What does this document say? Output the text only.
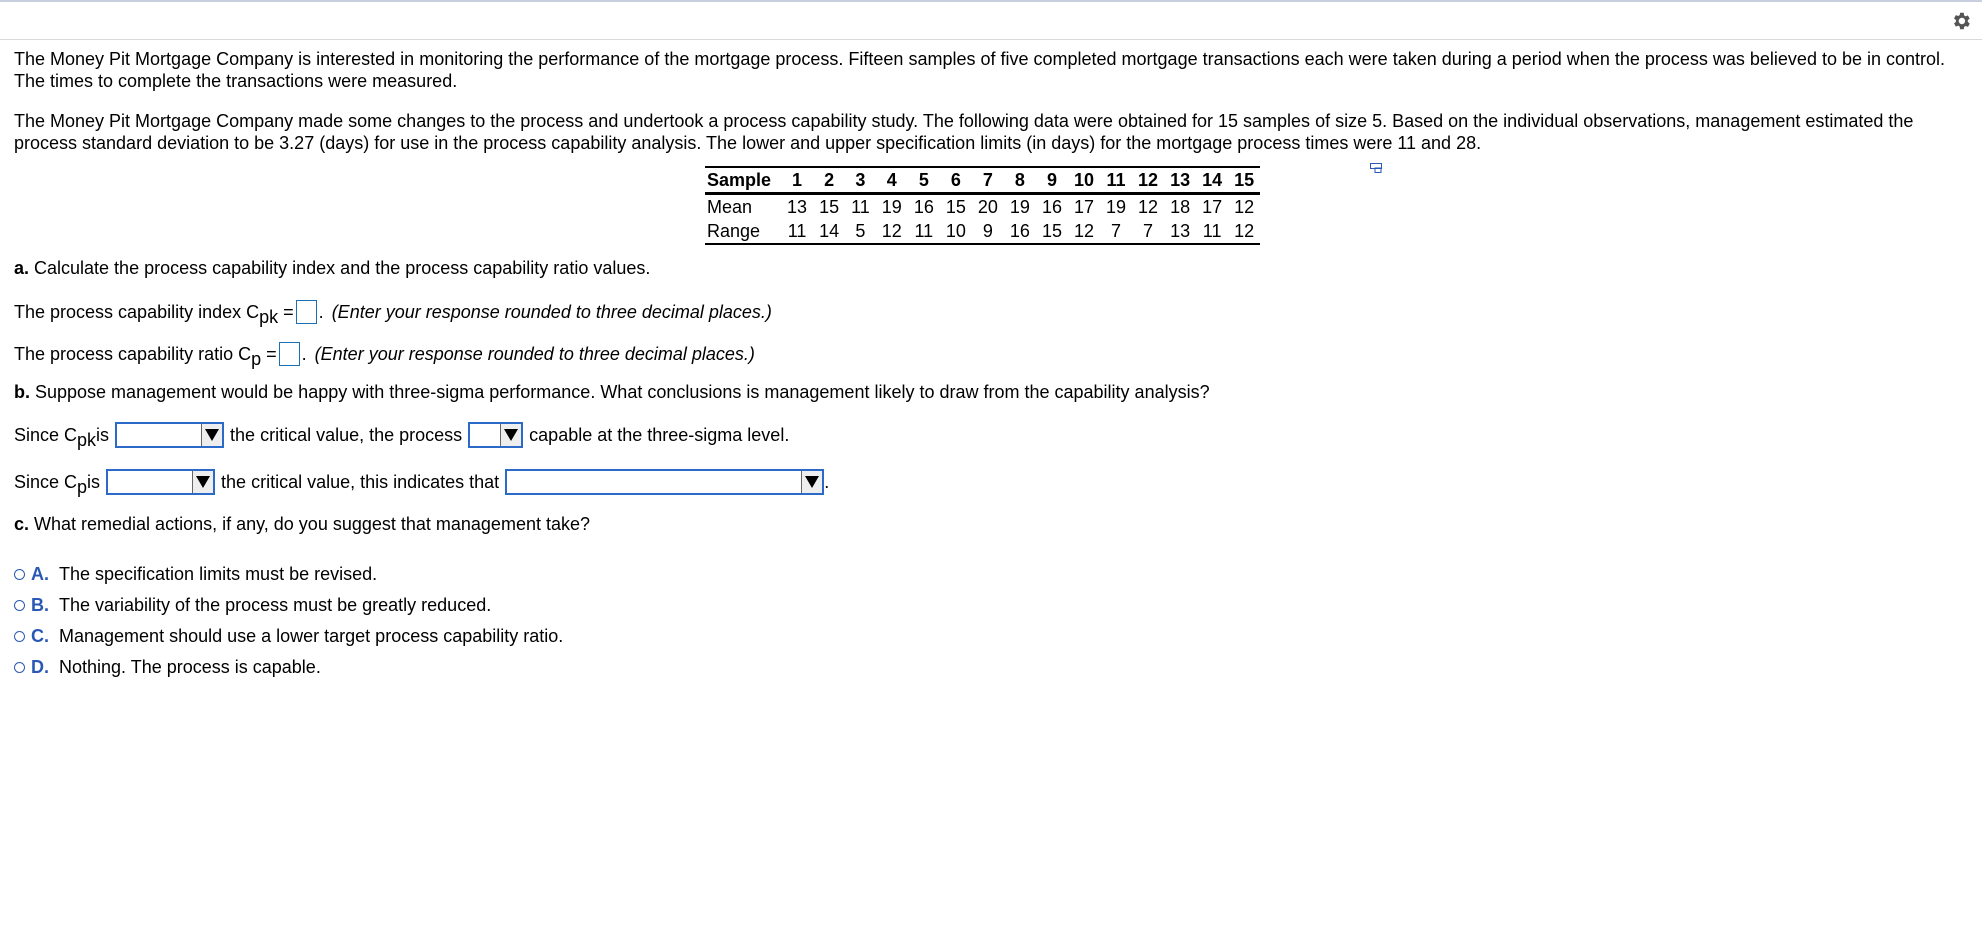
The Money Pit Mortgage Company is interested in monitoring the performance of the mortgage process. Fifteen samples of five completed mortgage transactions each were taken during a period when the process was believed to be in control. The times to complete the transactions were measured.

The Money Pit Mortgage Company made some changes to the process and undertook a process capability study. The following data were obtained for 15 samples of size 5. Based on the individual observations, management estimated the process standard deviation to be 3.27 (days) for use in the process capability analysis. The lower and upper specification limits (in days) for the mortgage process times were 11 and 28.

Sample	1	2	3	4	5	6	7	8	9	10	11	12	13	14	15
Mean	13	15	11	19	16	15	20	19	16	17	19	12	18	17	12
Range	11	14	5	12	11	10	9	16	15	12	7	7	13	11	12

a. Calculate the process capability index and the process capability ratio values.

The process capability index C pk
= . (Enter your response rounded to three decimal places.)
The process capability ratio C p
= . (Enter your response rounded to three decimal places.)

b. Suppose management would be happy with three-sigma performance. What conclusions is management likely to draw from the capability analysis?

Since C pk is	the critical value, the process	capable at the three-sigma level.
Since C p is	the critical value, this indicates that	.

c. What remedial actions, if any, do you suggest that management take?

A. The specification limits must be revised.
B. The variability of the process must be greatly reduced.
C. Management should use a lower target process capability ratio.
D. Nothing. The process is capable.
